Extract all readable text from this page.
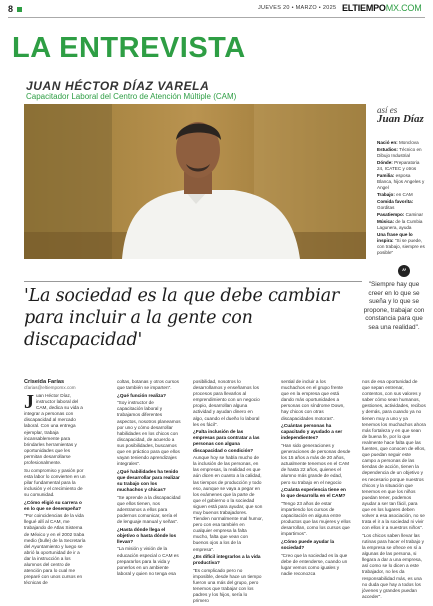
8	JUEVES 20 • MARZO • 2025 ELTIEMPOMX.COM
LA ENTREVISTA
JUAN HÉCTOR DÍAZ VARELA
Capacitador Laboral del Centro de Atención Múltiple (CAM)
así es
Juan Díaz
Nació en: Monclova
Estudios: Técnico en Dibujo Industrial
Dónde: Preparatoria 24, ICATEC y otros
Familia: esposa Blanca, hijos Angeles y Angel
Trabajo: en CAM
Comida favorita: Gorditas
Pasatiempo: Caminar
Música: de la Cumbia Lagunera, ayuda
Una frase que lo inspira: "Si se puede, con trabajo, siempre es posible"
'La sociedad es la que debe cambiar para incluir a la gente con discapacidad'
”
"Siempre hay que creer en lo que se sueña y lo que se propone, trabajar con constancia para que sea una realidad".
Criseida Farías
cfarias@eltiempomx.com

Juan Héctor Díaz, instructor laboral del CAM, dedica su vida a integrar a personas con discapacidad al mercado laboral. Con una entrega ejemplar, trabaja incansablemente para brindarles herramientas y oportunidades que les permitan desarrollarse profesionalmente.

Su compromiso y pasión por esta labor lo convierten en un pilar fundamental para la inclusión y el crecimiento de su comunidad.

¿Cómo eligió su carrera o en lo que se desempeña?

"Por coincidencias de la vida llegué allí al CAM, me trabajando de Atlas Sistema de México y en el 2002 traba medio (bulle) de la Secretaría del Ayuntamiento y luego se abrió la oportunidad de ir a dar la instrucción a los alumnos del centro de atención para lo cual me preparé con unos cursos en técnicas de

coltas, botanas y otros cursos que también se imparten".

¿Qué función realiza?

"Soy instructor de capacitación laboral y trabajamos diferentes aspectos, nosotros planeamos por uno y cómo desarrollar habilidades en los chicos con discapacidad, de acuerdo a sus posibilidades, buscamos que en práctico para que ellos vayan teniendo aprendizajes integrales".

¿Qué habilidades ha tenido que desarrollar para realizar su trabajo con los muchachos y chicas?

"Se aprende a la discapacidad que ellos tienen, nos adentramos a ellos para podernos comunicar, sería el de lenguaje manual y señas".

¿Hasta dónde llega el objetivo o hasta dónde los llevan?

"La misión y visión de la educación especial o CAM es prepararlos para la vida y ponerlos en un ambiente laboral y quien no tenga esa

posibilidad, nosotros lo desarrollamos y enseñamos los procesos para llevarlos al emprendimiento con un negocio propio, desarrollan alguna actividad y ayudan dinero en algo, cuando el dueño lo laboral les es fácil".

¿Falta inclusión de las empresas para contratar a las personas con alguna discapacidad o condición?

Aunque hoy se habla mucho de la inclusión de las personas, en las empresas, la realidad es que aún dicen en cuanto a la calidad, las tiempos de producción y todo eso, aunque se vaya a pegar en los exámenes que la parte de que el gobierno o la sociedad siguen está para ayudar, que son muy buenos trabajadores. Tienden normalmente mal humor, pero con esa también en cualquier empresa la falta mucho, falta que vean con buenos ojos a los de la empresa".

¿Es difícil integrarlos a la vida productiva?

"Es complicado pero no imposible, desde hace un tiempo fueron una más del grupo, pero tenemos que trabajar con los padres y los hijos, sería lo primero

sential de incluir a los muchachos en el grupo frente que en la empresa que está dando más oportunidades a personas con síndrome Down, hay chicos con otras discapacidades motoras".

¿Cuántas personas ha capacitado y ayudado a ser independientes?

"Han sido generaciones y generaciones de personas desde los 15 años a más de 20 años, actualmente tenemos en el CAM de hasta 22 años, quienes el alumno más grande de edad, pero su trabajo en el negocio

¿Cuánta experiencia tiene en lo que desarrolla en el CAM?

"Tengo 23 años de estar impartiendo los cursos de capacitación en alguna entre productos que las mujeres y ellos desarrollan, como los cursos que impartimos".

¿Cómo puede ayudar la sociedad?

"Creo que la sociedad es la que debe de entenderse, cuando un lugar vemos como iguales y nadie reconozca

nos de esa oportunidad de que sepan entrenar, contentos, con sus valores y saber cómo sean humanos, gestiones, actividades, recibos y demás, para cuando ya no tienen muy a uno y ya tenemos los muchachos ahora más fortaleza y en que sean de buena fe, por lo que realmente hace falta que las fuentes, que conocen de ellos, que puedan seguir este campo a personas de las tiendas de acción, tienen la dependencia de un objetivo y es necesario porque nuestros chicos y la situación que tenemos en que los niños puedan tener, podemos ayudar a ser tan fácil, para que en los lugares deben volver a esa asociación, no se trata el ir a la sociedad ni vivir con ellos ir a nuestros niños".

"Los chicos saben llevar las rutinas para hacer el trabajo y la empresa se ofrece en sí a algunas de las persona, si llegara a dar a una empresa, así como se lo dicen a este trabajador, no les da responsabilidad más, es una no duda que hay a todos los jóvenes y grandes puedan acceder".
